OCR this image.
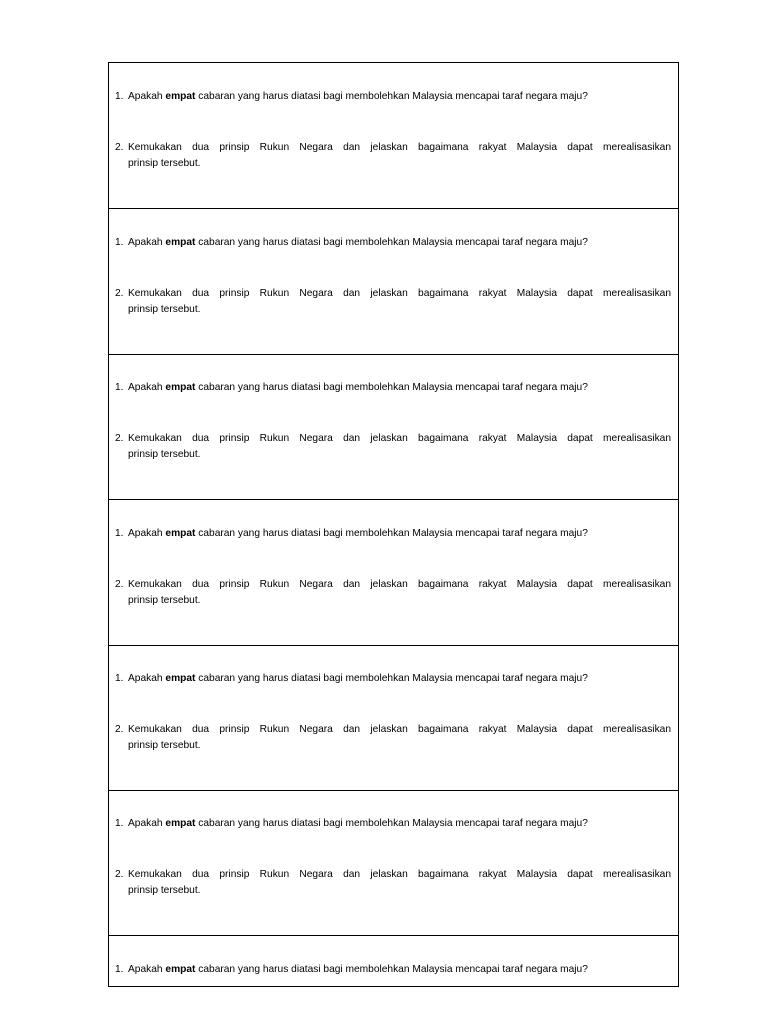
1. Apakah empat cabaran yang harus diatasi bagi membolehkan Malaysia mencapai taraf negara maju?
2. Kemukakan dua prinsip Rukun Negara dan jelaskan bagaimana rakyat Malaysia dapat merealisasikan
prinsip tersebut.
1. Apakah empat cabaran yang harus diatasi bagi membolehkan Malaysia mencapai taraf negara maju?
2. Kemukakan dua prinsip Rukun Negara dan jelaskan bagaimana rakyat Malaysia dapat merealisasikan
prinsip tersebut.
1. Apakah empat cabaran yang harus diatasi bagi membolehkan Malaysia mencapai taraf negara maju?
2. Kemukakan dua prinsip Rukun Negara dan jelaskan bagaimana rakyat Malaysia dapat merealisasikan
prinsip tersebut.
1. Apakah empat cabaran yang harus diatasi bagi membolehkan Malaysia mencapai taraf negara maju?
2. Kemukakan dua prinsip Rukun Negara dan jelaskan bagaimana rakyat Malaysia dapat merealisasikan
prinsip tersebut.
1. Apakah empat cabaran yang harus diatasi bagi membolehkan Malaysia mencapai taraf negara maju?
2. Kemukakan dua prinsip Rukun Negara dan jelaskan bagaimana rakyat Malaysia dapat merealisasikan
prinsip tersebut.
1. Apakah empat cabaran yang harus diatasi bagi membolehkan Malaysia mencapai taraf negara maju?
2. Kemukakan dua prinsip Rukun Negara dan jelaskan bagaimana rakyat Malaysia dapat merealisasikan
prinsip tersebut.
1. Apakah empat cabaran yang harus diatasi bagi membolehkan Malaysia mencapai taraf negara maju?
